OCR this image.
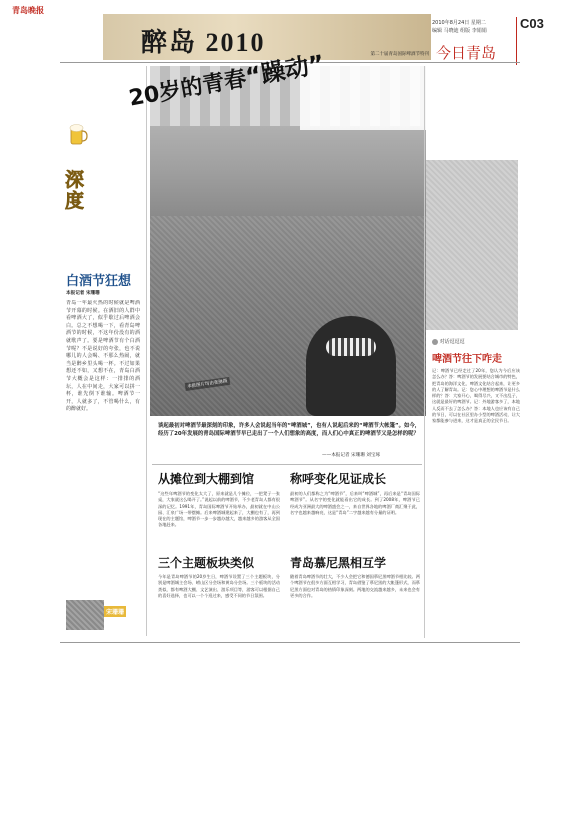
青岛晚报
醉岛 2010	第二十届青岛国际啤酒节特刊
2010年8月24日 星期二
编辑 马晓迪 组版 李娟娟	C03
今日青岛
深度
白酒节狂想
本报记者 宋珊珊
青岛一年最火热的时候就是啤酒节开幕的时候。在洒旧的人群中看啤酒大了，似乎歇过后啤酒会白。总之不想喝一下，看青岛啤酒节的时候，不这年份没有的酒就歌声了。要是啤酒节有个白酒节呢？不是说好的夸张，也不说哪儿的人会喝、不那么热闹，就当是醉乡里头喝一杯。不过如果想还不如，又想不在，青岛白酒节大概会是这样：一排排的酒坛，人在中间走，大家可以拼一杯，谁先倒下谁输。啤酒节一开，人就多了，不管喝什么，有的醉就好。
宋珊珊
20岁的青春“躁动”
本报图片均由张驰摄
对话逗逗逗
啤酒节往下咋走
记：啤酒节已经走过了20年，您认为今后应该怎么办？答：啤酒节的发展要结合城市的特色，把青岛的海洋文化、啤酒文化结合起来，让更多的人了解青岛。记：您心中理想的啤酒节是什么样的？答：大家开心，喝得尽兴，又不出乱子，这就是最好的啤酒节。记：外地游客多了，本地人反而不去了怎么办？答：本地人也应该有自己的节日，可以在社区里办小型的啤酒活动，让大家都能参与进来，这才是真正的全民节日。
谈起最初对啤酒节最深刻的印象，许多人会说起当年的“啤酒城”，也有人说起后来的“啤酒节大帐篷”。如今，经历了20年发展的青岛国际啤酒节早已走出了一个人们想象的高度，而人们心中真正的啤酒节又是怎样的呢？
——本报记者 宋珊珊 刘宝琢
从摊位到大棚到馆
“这些年啤酒节的变化太大了，原来就是几个摊位，一把凳子一张桌，大家就这么喝开了。”说起以前的啤酒节，不少老青岛人都有很深的记忆。1991年，青岛国际啤酒节开始举办，最初就在中山公园、汇泉广场一带摆摊。后来啤酒城建起来了，大棚也有了，再到现在的主题馆，啤酒节一步一步越办越大，越来越多的游客从全国各地赶来。
称呼变化见证成长
最初的人们都称之为“啤酒节”，后来叫“啤酒城”，再后来是“青岛国际啤酒节”。从名字的变化就能看出它的成长。到了2008年，啤酒节已经成为亚洲最大的啤酒盛会之一，来自世界各地的啤酒厂商汇聚于此，名字也越来越响亮，这是“青岛”二字越来越有分量的证明。
三个主题板块类似
今年是青岛啤酒节的20岁生日，啤酒节设置了三个主题板块，分别是啤酒城主会场、崂山区分会场和黄岛分会场。三个板块的活动类似，都有啤酒大棚、文艺演出、游乐项目等，游客可以根据自己的喜好选择，也可以一个个逛过来，感受不同的节日氛围。
青岛慕尼黑相互学
随着青岛啤酒节的壮大，不少人会把它和德国慕尼黑啤酒节相比较。两个啤酒节在很多方面互相学习，青岛借鉴了慕尼黑的大帐篷形式，而慕尼黑方面也对青岛的热情印象深刻。两地的交流越来越多，未来也会有更多的合作。
